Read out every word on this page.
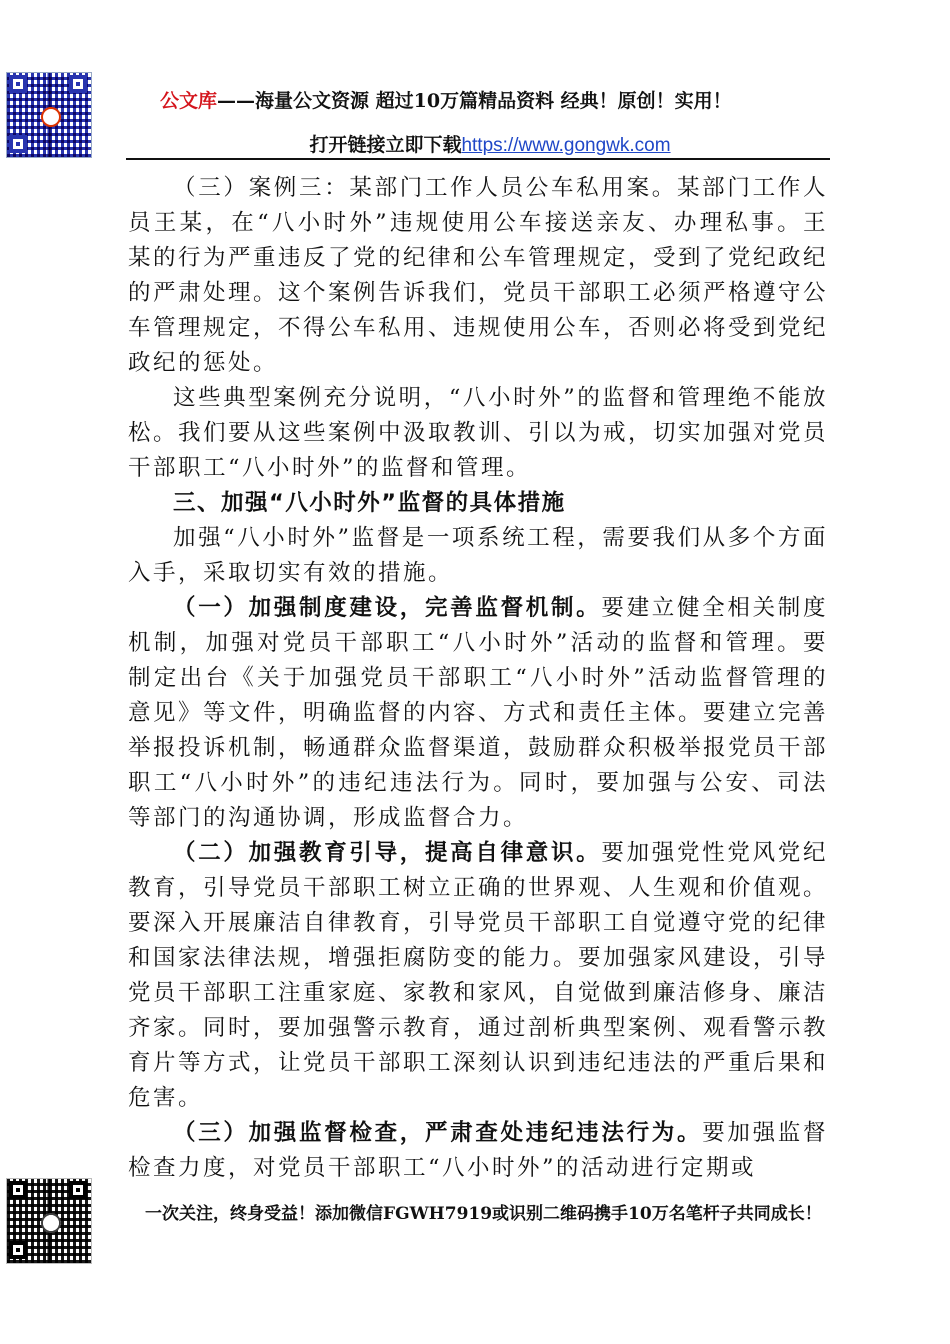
公文库——海量公文资源 超过10万篇精品资料 经典！原创！实用！
打开链接立即下载https://www.gongwk.com

（三）案例三：某部门工作人员公车私用案。某部门工作人员王某，在“八小时外”违规使用公车接送亲友、办理私事。王某的行为严重违反了党的纪律和公车管理规定，受到了党纪政纪的严肃处理。这个案例告诉我们，党员干部职工必须严格遵守公车管理规定，不得公车私用、违规使用公车，否则必将受到党纪政纪的惩处。

这些典型案例充分说明，“八小时外”的监督和管理绝不能放松。我们要从这些案例中汲取教训、引以为戒，切实加强对党员干部职工“八小时外”的监督和管理。

三、加强“八小时外”监督的具体措施

加强“八小时外”监督是一项系统工程，需要我们从多个方面入手，采取切实有效的措施。

（一）加强制度建设，完善监督机制。要建立健全相关制度机制，加强对党员干部职工“八小时外”活动的监督和管理。要制定出台《关于加强党员干部职工“八小时外”活动监督管理的意见》等文件，明确监督的内容、方式和责任主体。要建立完善举报投诉机制，畅通群众监督渠道，鼓励群众积极举报党员干部职工“八小时外”的违纪违法行为。同时，要加强与公安、司法等部门的沟通协调，形成监督合力。

（二）加强教育引导，提高自律意识。要加强党性党风党纪教育，引导党员干部职工树立正确的世界观、人生观和价值观。要深入开展廉洁自律教育，引导党员干部职工自觉遵守党的纪律和国家法律法规，增强拒腐防变的能力。要加强家风建设，引导党员干部职工注重家庭、家教和家风，自觉做到廉洁修身、廉洁齐家。同时，要加强警示教育，通过剖析典型案例、观看警示教育片等方式，让党员干部职工深刻认识到违纪违法的严重后果和危害。

（三）加强监督检查，严肃查处违纪违法行为。要加强监督检查力度，对党员干部职工“八小时外”的活动进行定期或

一次关注，终身受益！添加微信FGWH7919或识别二维码携手10万名笔杆子共同成长！
